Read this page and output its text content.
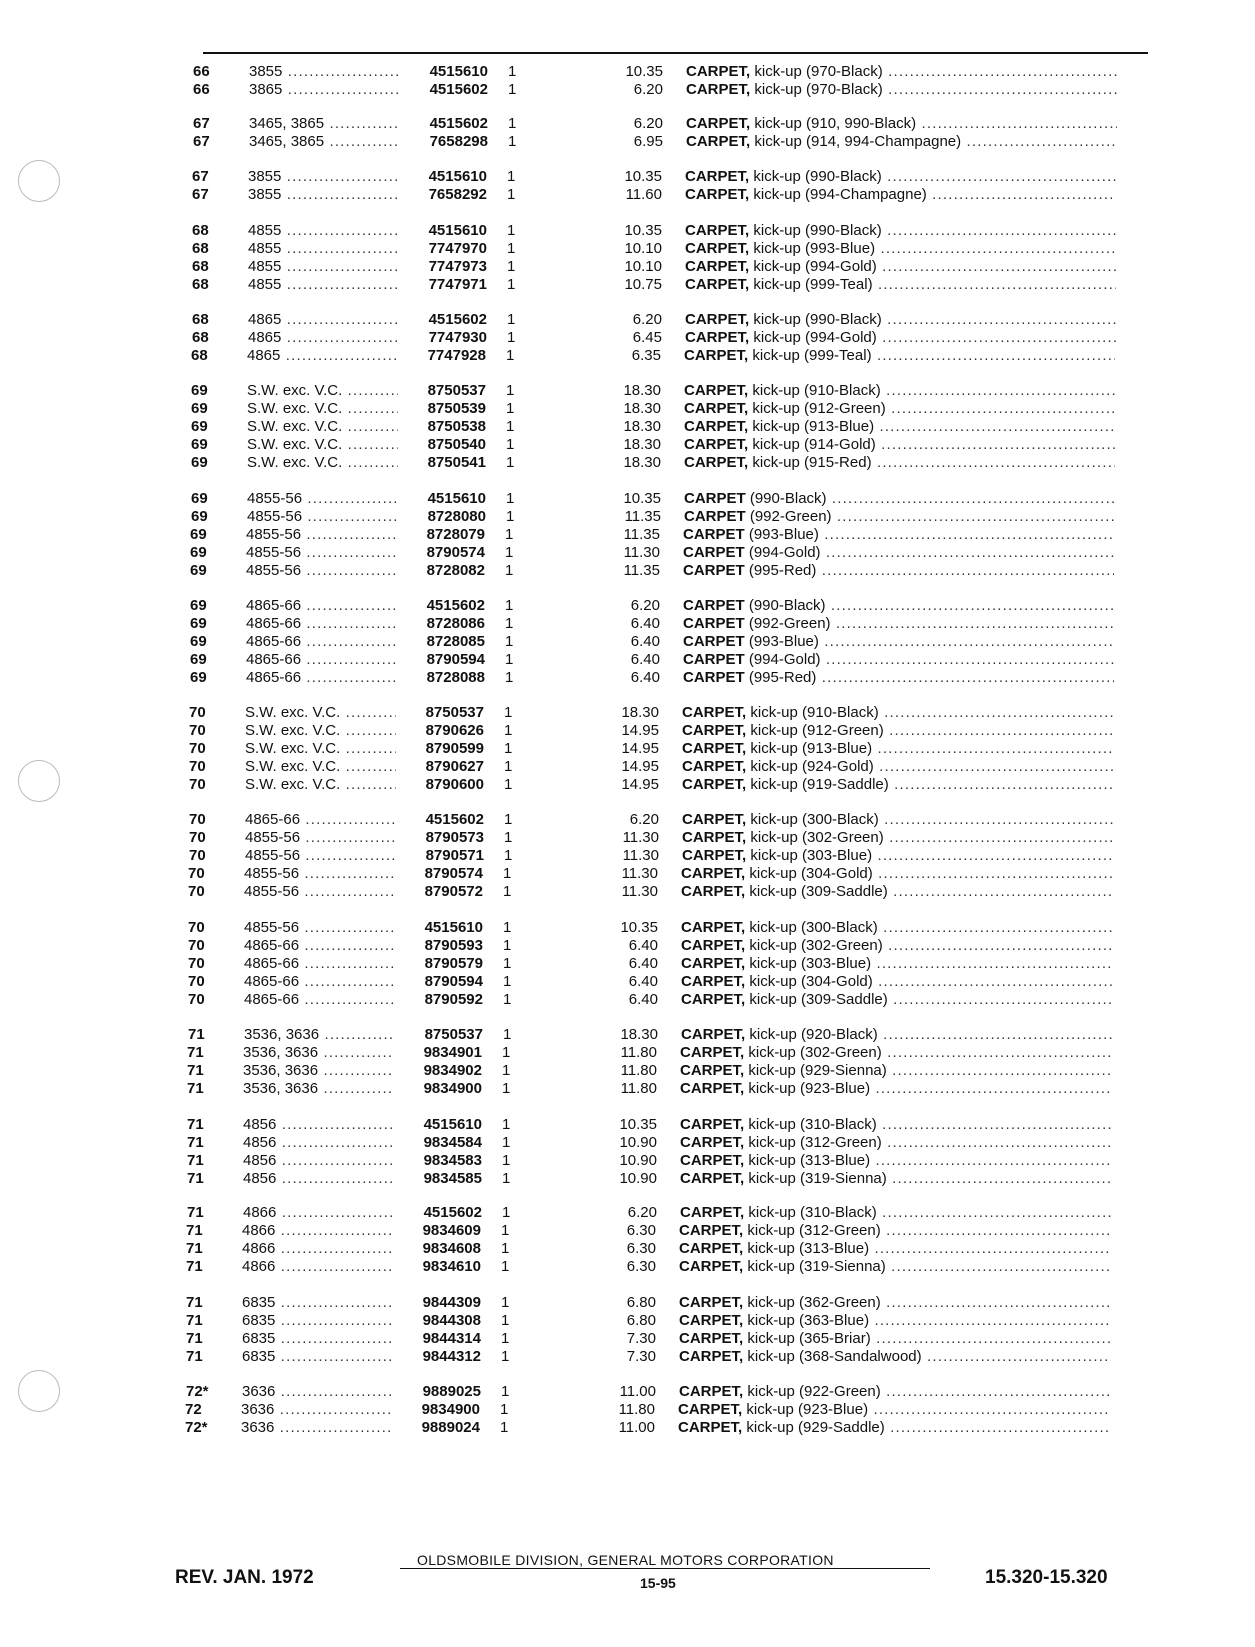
66	3855 .....	4515610 1	10.35 CARPET, kick-up (970-Black) .....
66	3865 .....	4515602 1	6.20 CARPET, kick-up (970-Black) .....
67	3465, 3865 .....	4515602 1	6.20 CARPET, kick-up (910, 990-Black) .....
67	3465, 3865 .....	7658298 1	6.95 CARPET, kick-up (914, 994-Champagne) .....
67	3855 .....	4515610 1	10.35 CARPET, kick-up (990-Black) .....
67	3855 .....	7658292 1	11.60 CARPET, kick-up (994-Champagne) .....
68	4855 .....	4515610 1	10.35 CARPET, kick-up (990-Black) .....
68	4855 .....	7747970 1	10.10 CARPET, kick-up (993-Blue) .....
68	4855 .....	7747973 1	10.10 CARPET, kick-up (994-Gold) .....
68	4855 .....	7747971 1	10.75 CARPET, kick-up (999-Teal) .....
68	4865 .....	4515602 1	6.20 CARPET, kick-up (990-Black) .....
68	4865 .....	7747930 1	6.45 CARPET, kick-up (994-Gold) .....
68	4865 .....	7747928 1	6.35 CARPET, kick-up (999-Teal) .....
69	S.W. exc. V.C. .....	8750537 1	18.30 CARPET, kick-up (910-Black) .....
69	S.W. exc. V.C. .....	8750539 1	18.30 CARPET, kick-up (912-Green) .....
69	S.W. exc. V.C. .....	8750538 1	18.30 CARPET, kick-up (913-Blue) .....
69	S.W. exc. V.C. .....	8750540 1	18.30 CARPET, kick-up (914-Gold) .....
69	S.W. exc. V.C. .....	8750541 1	18.30 CARPET, kick-up (915-Red) .....
69	4855-56 .....	4515610 1	10.35 CARPET (990-Black) .....
69	4855-56 .....	8728080 1	11.35 CARPET (992-Green) .....
69	4855-56 .....	8728079 1	11.35 CARPET (993-Blue) .....
69	4855-56 .....	8790574 1	11.30 CARPET (994-Gold) .....
69	4855-56 .....	8728082 1	11.35 CARPET (995-Red) .....
69	4865-66 .....	4515602 1	6.20 CARPET (990-Black) .....
69	4865-66 .....	8728086 1	6.40 CARPET (992-Green) .....
69	4865-66 .....	8728085 1	6.40 CARPET (993-Blue) .....
69	4865-66 .....	8790594 1	6.40 CARPET (994-Gold) .....
69	4865-66 .....	8728088 1	6.40 CARPET (995-Red) .....
70	S.W. exc. V.C. .....	8750537 1	18.30 CARPET, kick-up (910-Black) .....
70	S.W. exc. V.C. .....	8790626 1	14.95 CARPET, kick-up (912-Green) .....
70	S.W. exc. V.C. .....	8790599 1	14.95 CARPET, kick-up (913-Blue) .....
70	S.W. exc. V.C. .....	8790627 1	14.95 CARPET, kick-up (924-Gold) .....
70	S.W. exc. V.C. .....	8790600 1	14.95 CARPET, kick-up (919-Saddle) .....
70	4865-66 .....	4515602 1	6.20 CARPET, kick-up (300-Black) .....
70	4855-56 .....	8790573 1	11.30 CARPET, kick-up (302-Green) .....
70	4855-56 .....	8790571 1	11.30 CARPET, kick-up (303-Blue) .....
70	4855-56 .....	8790574 1	11.30 CARPET, kick-up (304-Gold) .....
70	4855-56 .....	8790572 1	11.30 CARPET, kick-up (309-Saddle) .....
70	4855-56 .....	4515610 1	10.35 CARPET, kick-up (300-Black) .....
70	4865-66 .....	8790593 1	6.40 CARPET, kick-up (302-Green) .....
70	4865-66 .....	8790579 1	6.40 CARPET, kick-up (303-Blue) .....
70	4865-66 .....	8790594 1	6.40 CARPET, kick-up (304-Gold) .....
70	4865-66 .....	8790592 1	6.40 CARPET, kick-up (309-Saddle) .....
71	3536, 3636 .....	8750537 1	18.30 CARPET, kick-up (920-Black) .....
71	3536, 3636 .....	9834901 1	11.80 CARPET, kick-up (302-Green) .....
71	3536, 3636 .....	9834902 1	11.80 CARPET, kick-up (929-Sienna) .....
71	3536, 3636 .....	9834900 1	11.80 CARPET, kick-up (923-Blue) .....
71	4856 .....	4515610 1	10.35 CARPET, kick-up (310-Black) .....
71	4856 .....	9834584 1	10.90 CARPET, kick-up (312-Green) .....
71	4856 .....	9834583 1	10.90 CARPET, kick-up (313-Blue) .....
71	4856 .....	9834585 1	10.90 CARPET, kick-up (319-Sienna) .....
71	4866 .....	4515602 1	6.20 CARPET, kick-up (310-Black) .....
71	4866 .....	9834609 1	6.30 CARPET, kick-up (312-Green) .....
71	4866 .....	9834608 1	6.30 CARPET, kick-up (313-Blue) .....
71	4866 .....	9834610 1	6.30 CARPET, kick-up (319-Sienna) .....
71	6835 .....	9844309 1	6.80 CARPET, kick-up (362-Green) .....
71	6835 .....	9844308 1	6.80 CARPET, kick-up (363-Blue) .....
71	6835 .....	9844314 1	7.30 CARPET, kick-up (365-Briar) .....
71	6835 .....	9844312 1	7.30 CARPET, kick-up (368-Sandalwood) .....
72*	3636 .....	9889025 1	11.00 CARPET, kick-up (922-Green) .....
72	3636 .....	9834900 1	11.80 CARPET, kick-up (923-Blue) .....
72*	3636 .....	9889024 1	11.00 CARPET, kick-up (929-Saddle) .....
OLDSMOBILE DIVISION, GENERAL MOTORS CORPORATION
REV. JAN. 1972	15-95	15.320-15.320
